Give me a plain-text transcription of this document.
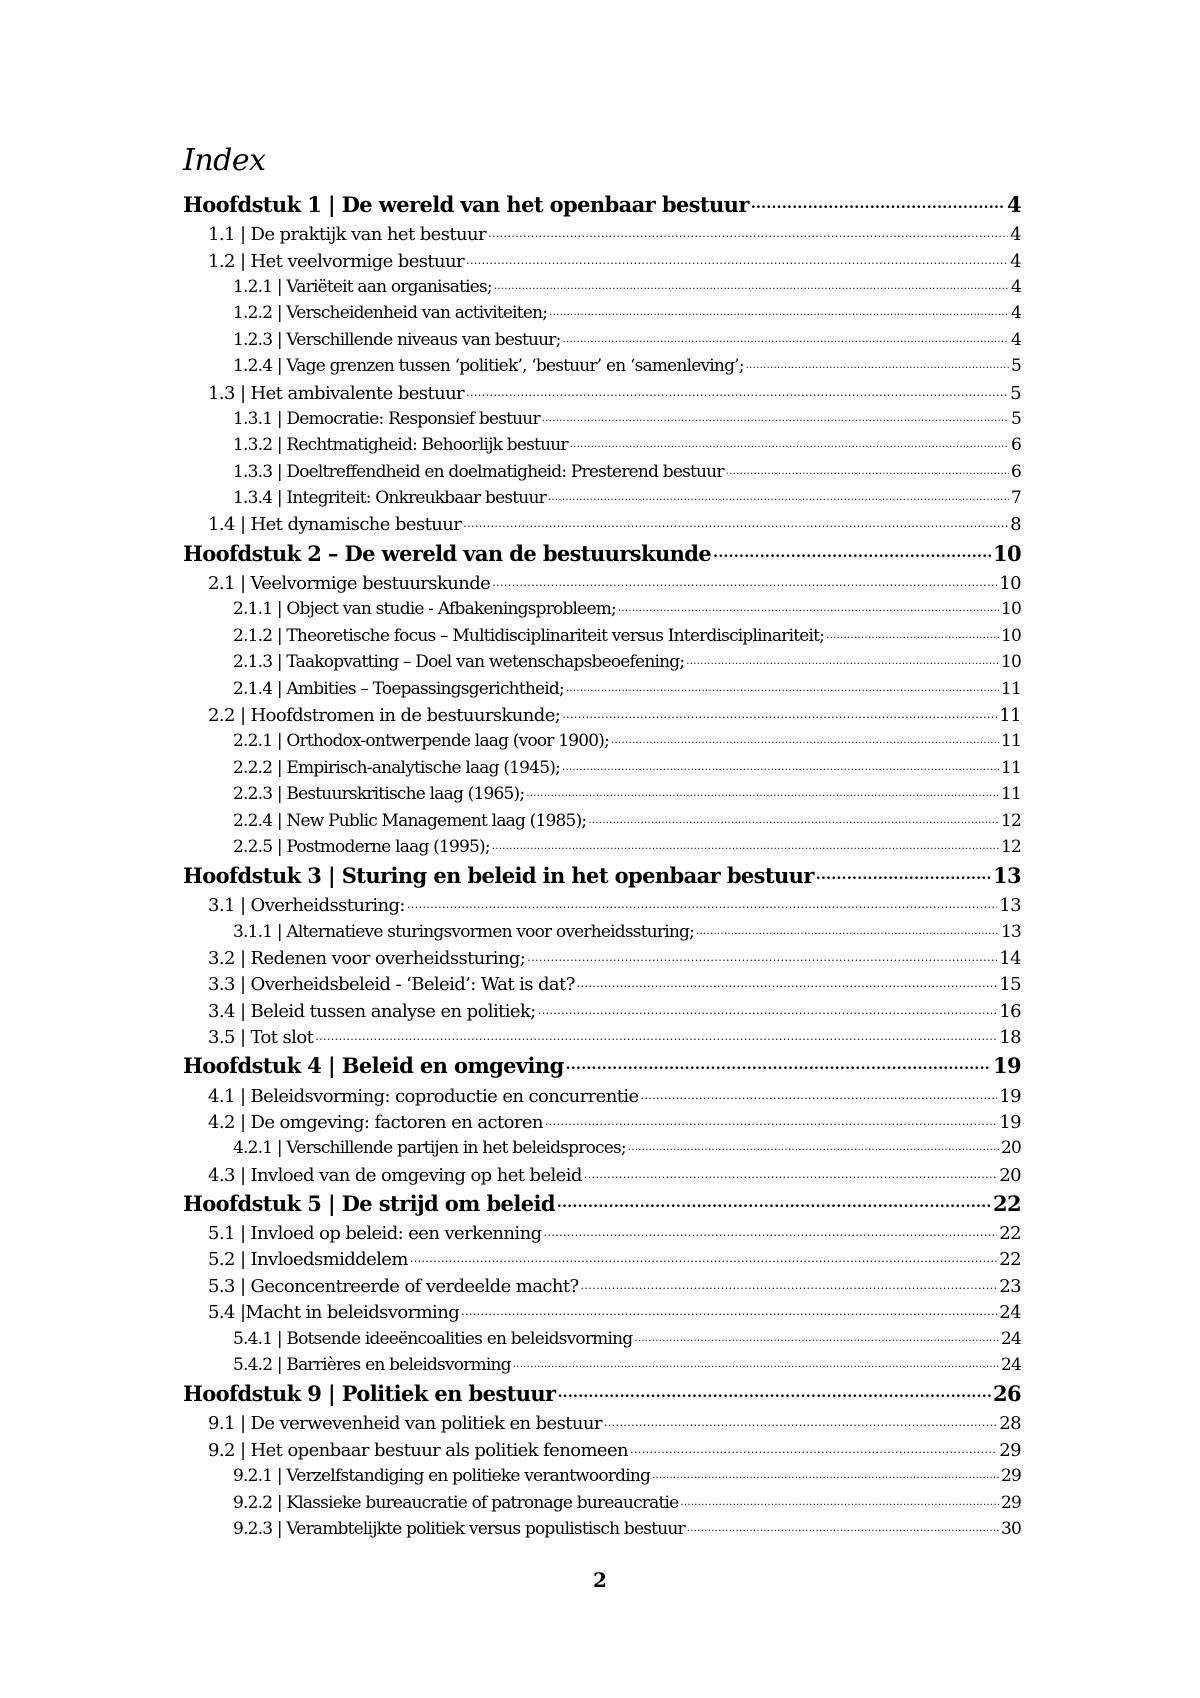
Index
Hoofdstuk 1 | De wereld van het openbaar bestuur .....	4
1.1 | De praktijk van het bestuur .....	4
1.2 | Het veelvormige bestuur .....	4
1.2.1 | Variëteit aan organisaties; .....	4
1.2.2 | Verscheidenheid van activiteiten; .....	4
1.2.3 | Verschillende niveaus van bestuur; .....	4
1.2.4 | Vage grenzen tussen ‘politiek’, ‘bestuur’ en ‘samenleving’; .....	5
1.3 | Het ambivalente bestuur .....	5
1.3.1 | Democratie: Responsief bestuur .....	5
1.3.2 | Rechtmatigheid: Behoorlijk bestuur .....	6
1.3.3 | Doeltreffendheid en doelmatigheid: Presterend bestuur .....	6
1.3.4 | Integriteit: Onkreukbaar bestuur .....	7
1.4 | Het dynamische bestuur .....	8
Hoofdstuk 2 – De wereld van de bestuurskunde .....	10
2.1 | Veelvormige bestuurskunde .....	10
2.1.1 | Object van studie - Afbakeningsprobleem; .....	10
2.1.2 | Theoretische focus – Multidisciplinariteit versus Interdisciplinariteit; .....	10
2.1.3 | Taakopvatting – Doel van wetenschapsbeoefening; .....	10
2.1.4 | Ambities – Toepassingsgerichtheid; .....	11
2.2 | Hoofdstromen in de bestuurskunde; .....	11
2.2.1 | Orthodox-ontwerpende laag (voor 1900); .....	11
2.2.2 | Empirisch-analytische laag (1945); .....	11
2.2.3 | Bestuurskritische laag (1965); .....	11
2.2.4 | New Public Management laag (1985); .....	12
2.2.5 | Postmoderne laag (1995); .....	12
Hoofdstuk 3 | Sturing en beleid in het openbaar bestuur .....	13
3.1 | Overheidssturing: .....	13
3.1.1 | Alternatieve sturingsvormen voor overheidssturing; .....	13
3.2 | Redenen voor overheidssturing; .....	14
3.3 | Overheidsbeleid - ‘Beleid’: Wat is dat? .....	15
3.4 | Beleid tussen analyse en politiek; .....	16
3.5 | Tot slot .....	18
Hoofdstuk 4 | Beleid en omgeving .....	19
4.1 | Beleidsvorming: coproductie en concurrentie .....	19
4.2 | De omgeving: factoren en actoren .....	19
4.2.1 | Verschillende partijen in het beleidsproces; .....	20
4.3 | Invloed van de omgeving op het beleid .....	20
Hoofdstuk 5 | De strijd om beleid .....	22
5.1 | Invloed op beleid: een verkenning .....	22
5.2 | Invloedsmiddelem .....	22
5.3 | Geconcentreerde of verdeelde macht? .....	23
5.4 |Macht in beleidsvorming .....	24
5.4.1 | Botsende ideeëncoalities en beleidsvorming .....	24
5.4.2 | Barrières en beleidsvorming .....	24
Hoofdstuk 9 | Politiek en bestuur .....	26
9.1 | De verwevenheid van politiek en bestuur .....	28
9.2 | Het openbaar bestuur als politiek fenomeen .....	29
9.2.1 | Verzelfstandiging en politieke verantwoording .....	29
9.2.2 | Klassieke bureaucratie of patronage bureaucratie .....	29
9.2.3 | Verambtelijkte politiek versus populistisch bestuur .....	30
2
